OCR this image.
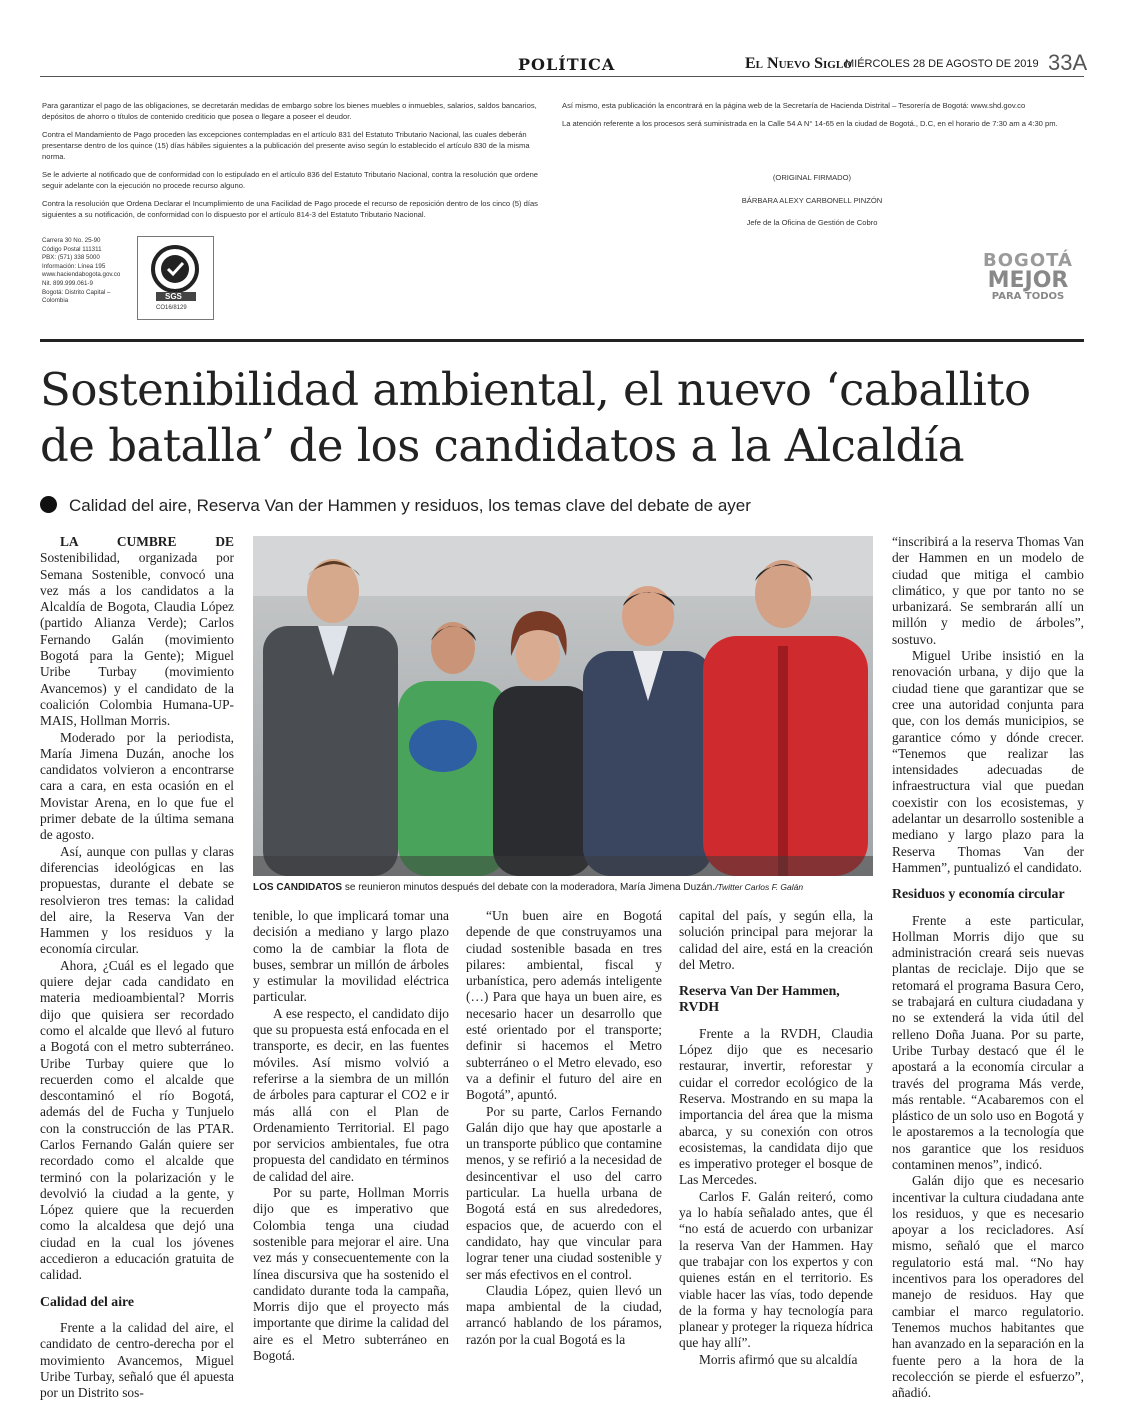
POLÍTICA	El Nuevo Siglo
MIÉRCOLES 28 DE AGOSTO DE 2019 33A

Para garantizar el pago de las obligaciones, se decretarán medidas de embargo sobre los bienes muebles o inmuebles, salarios, saldos bancarios, depósitos de ahorro o títulos de contenido crediticio que posea o llegare a poseer el deudor.

Contra el Mandamiento de Pago proceden las excepciones contempladas en el artículo 831 del Estatuto Tributario Nacional, las cuales deberán presentarse dentro de los quince (15) días hábiles siguientes a la publicación del presente aviso según lo establecido el artículo 830 de la misma norma.

Se le advierte al notificado que de conformidad con lo estipulado en el artículo 836 del Estatuto Tributario Nacional, contra la resolución que ordene seguir adelante con la ejecución no procede recurso alguno.

Contra la resolución que Ordena Declarar el Incumplimiento de una Facilidad de Pago procede el recurso de reposición dentro de los cinco (5) días siguientes a su notificación, de conformidad con lo dispuesto por el artículo 814-3 del Estatuto Tributario Nacional.

Así mismo, esta publicación la encontrará en la página web de la Secretaría de Hacienda Distrital – Tesorería de Bogotá: www.shd.gov.co

La atención referente a los procesos será suministrada en la Calle 54 A N° 14-65 en la ciudad de Bogotá., D.C, en el horario de 7:30 am a 4:30 pm.

(ORIGINAL FIRMADO)
BÁRBARA ALEXY CARBONELL PINZÓN
Jefe de la Oficina de Gestión de Cobro
Carrera 30 No. 25-90
Código Postal 111311
PBX: (571) 338 5000
Información: Línea 195
www.haciendabogota.gov.co
Nit. 899.999.061-9
Bogotá: Distrito Capital – Colombia	SGS
CO16/8129
BOGOTÁ
MEJOR
PARA TODOS
Sostenibilidad ambiental, el nuevo ‘caballito de batalla’ de los candidatos a la Alcaldía
Calidad del aire, Reserva Van der Hammen y residuos, los temas clave del debate de ayer
LOS CANDIDATOS se reunieron minutos después del debate con la moderadora, María Jimena Duzán./Twitter Carlos F. Galán

LA CUMBRE DE Sostenibilidad, organizada por Semana Sostenible, convocó una vez más a los candidatos a la Alcaldía de Bogota, Claudia López (partido Alianza Verde); Carlos Fernando Galán (movimiento Bogotá para la Gente); Miguel Uribe Turbay (movimiento Avancemos) y el candidato de la coalición Colombia Humana-UP-MAIS, Hollman Morris.

Moderado por la periodista, María Jimena Duzán, anoche los candidatos volvieron a encontrarse cara a cara, en esta ocasión en el Movistar Arena, en lo que fue el primer debate de la última semana de agosto.

Así, aunque con pullas y claras diferencias ideológicas en las propuestas, durante el debate se resolvieron tres temas: la calidad del aire, la Reserva Van der Hammen y los residuos y la economía circular.

Ahora, ¿Cuál es el legado que quiere dejar cada candidato en materia medioambiental? Morris dijo que quisiera ser recordado como el alcalde que llevó al futuro a Bogotá con el metro subterráneo. Uribe Turbay quiere que lo recuerden como el alcalde que descontaminó el río Bogotá, además del de Fucha y Tunjuelo con la construcción de las PTAR. Carlos Fernando Galán quiere ser recordado como el alcalde que terminó con la polarización y le devolvió la ciudad a la gente, y López quiere que la recuerden como la alcaldesa que dejó una ciudad en la cual los jóvenes accedieron a educación gratuita de calidad.

Calidad del aire

Frente a la calidad del aire, el candidato de centro-derecha por el movimiento Avancemos, Miguel Uribe Turbay, señaló que él apuesta por un Distrito sos-

tenible, lo que implicará tomar una decisión a mediano y largo plazo como la de cambiar la flota de buses, sembrar un millón de árboles y estimular la movilidad eléctrica particular.

A ese respecto, el candidato dijo que su propuesta está enfocada en el transporte, es decir, en las fuentes móviles. Así mismo volvió a referirse a la siembra de un millón de árboles para capturar el CO2 e ir más allá con el Plan de Ordenamiento Territorial. El pago por servicios ambientales, fue otra propuesta del candidato en términos de calidad del aire.

Por su parte, Hollman Morris dijo que es imperativo que Colombia tenga una ciudad sostenible para mejorar el aire. Una vez más y consecuentemente con la línea discursiva que ha sostenido el candidato durante toda la campaña, Morris dijo que el proyecto más importante que dirime la calidad del aire es el Metro subterráneo en Bogotá.

“Un buen aire en Bogotá depende de que construyamos una ciudad sostenible basada en tres pilares: ambiental, fiscal y urbanística, pero además inteligente (…) Para que haya un buen aire, es necesario hacer un desarrollo que esté orientado por el transporte; definir si hacemos el Metro subterráneo o el Metro elevado, eso va a definir el futuro del aire en Bogotá”, apuntó.

Por su parte, Carlos Fernando Galán dijo que hay que apostarle a un transporte público que contamine menos, y se refirió a la necesidad de desincentivar el uso del carro particular. La huella urbana de Bogotá está en sus alrededores, espacios que, de acuerdo con el candidato, hay que vincular para lograr tener una ciudad sostenible y ser más efectivos en el control.

Claudia López, quien llevó un mapa ambiental de la ciudad, arrancó hablando de los páramos, razón por la cual Bogotá es la

capital del país, y según ella, la solución principal para mejorar la calidad del aire, está en la creación del Metro.

Reserva Van Der Hammen, RVDH

Frente a la RVDH, Claudia López dijo que es necesario restaurar, invertir, reforestar y cuidar el corredor ecológico de la Reserva. Mostrando en su mapa la importancia del área que la misma abarca, y su conexión con otros ecosistemas, la candidata dijo que es imperativo proteger el bosque de Las Mercedes.

Carlos F. Galán reiteró, como ya lo había señalado antes, que él “no está de acuerdo con urbanizar la reserva Van der Hammen. Hay que trabajar con los expertos y con quienes están en el territorio. Es viable hacer las vías, todo depende de la forma y hay tecnología para planear y proteger la riqueza hídrica que hay allí”.

Morris afirmó que su alcaldía

“inscribirá a la reserva Thomas Van der Hammen en un modelo de ciudad que mitiga el cambio climático, y que por tanto no se urbanizará. Se sembrarán allí un millón y medio de árboles”, sostuvo.

Miguel Uribe insistió en la renovación urbana, y dijo que la ciudad tiene que garantizar que se cree una autoridad conjunta para que, con los demás municipios, se garantice cómo y dónde crecer. “Tenemos que realizar las intensidades adecuadas de infraestructura vial que puedan coexistir con los ecosistemas, y adelantar un desarrollo sostenible a mediano y largo plazo para la Reserva Thomas Van der Hammen”, puntualizó el candidato.

Residuos y economía circular

Frente a este particular, Hollman Morris dijo que su administración creará seis nuevas plantas de reciclaje. Dijo que se retomará el programa Basura Cero, se trabajará en cultura ciudadana y no se extenderá la vida útil del relleno Doña Juana. Por su parte, Uribe Turbay destacó que él le apostará a la economía circular a través del programa Más verde, más rentable. “Acabaremos con el plástico de un solo uso en Bogotá y le apostaremos a la tecnología que nos garantice que los residuos contaminen menos”, indicó.

Galán dijo que es necesario incentivar la cultura ciudadana ante los residuos, y que es necesario apoyar a los recicladores. Así mismo, señaló que el marco regulatorio está mal. “No hay incentivos para los operadores del manejo de residuos. Hay que cambiar el marco regulatorio. Tenemos muchos habitantes que han avanzado en la separación en la fuente pero a la hora de la recolección se pierde el esfuerzo”, añadió.
